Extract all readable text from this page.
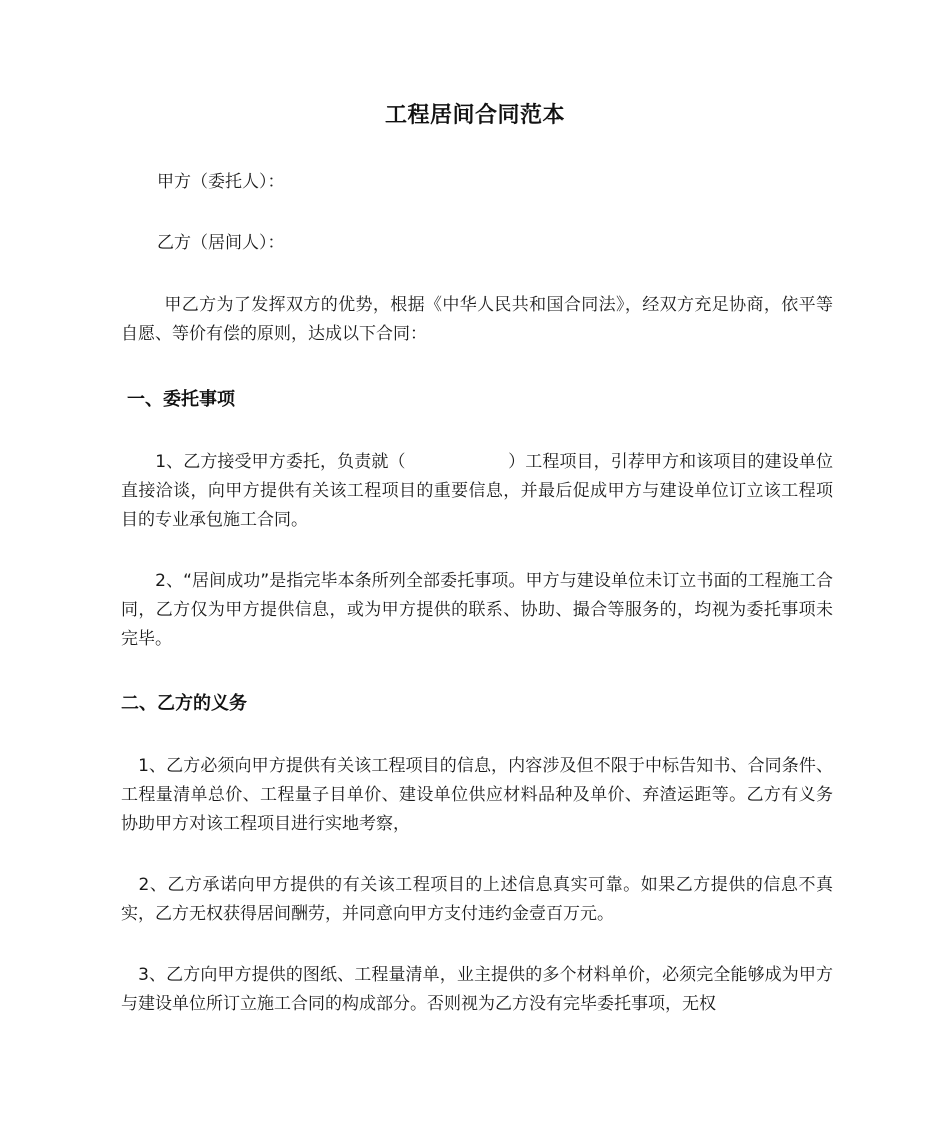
工程居间合同范本
甲方（委托人）：
乙方（居间人）：
　甲乙方为了发挥双方的优势，根据《中华人民共和国合同法》，经双方充足协商，依平等自愿、等价有偿的原则，达成以下合同：
一、委托事项
　　1、乙方接受甲方委托，负责就（　　　　　　）工程项目，引荐甲方和该项目的建设单位直接洽谈，向甲方提供有关该工程项目的重要信息，并最后促成甲方与建设单位订立该工程项目的专业承包施工合同。
　　2、“居间成功”是指完毕本条所列全部委托事项。甲方与建设单位未订立书面的工程施工合同，乙方仅为甲方提供信息，或为甲方提供的联系、协助、撮合等服务的，均视为委托事项未完毕。
二、乙方的义务
　1、乙方必须向甲方提供有关该工程项目的信息，内容涉及但不限于中标告知书、合同条件、工程量清单总价、工程量子目单价、建设单位供应材料品种及单价、弃渣运距等。乙方有义务协助甲方对该工程项目进行实地考察，
　2、乙方承诺向甲方提供的有关该工程项目的上述信息真实可靠。如果乙方提供的信息不真实，乙方无权获得居间酬劳，并同意向甲方支付违约金壹百万元。
　3、乙方向甲方提供的图纸、工程量清单，业主提供的多个材料单价，必须完全能够成为甲方与建设单位所订立施工合同的构成部分。否则视为乙方没有完毕委托事项，无权
